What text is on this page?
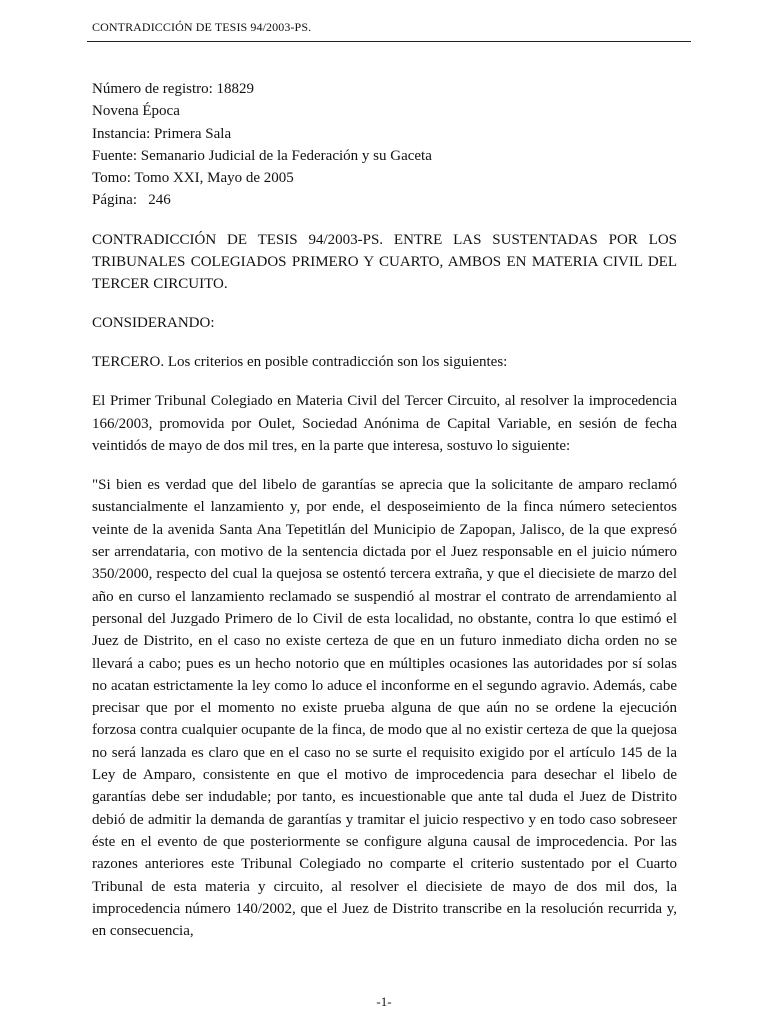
CONTRADICCIÓN DE TESIS 94/2003-PS.
Número de registro: 18829
Novena Época
Instancia: Primera Sala
Fuente: Semanario Judicial de la Federación y su Gaceta
Tomo: Tomo XXI, Mayo de 2005
Página:   246
CONTRADICCIÓN DE TESIS 94/2003-PS. ENTRE LAS SUSTENTADAS POR LOS TRIBUNALES COLEGIADOS PRIMERO Y CUARTO, AMBOS EN MATERIA CIVIL DEL TERCER CIRCUITO.

CONSIDERANDO:

TERCERO. Los criterios en posible contradicción son los siguientes:

El Primer Tribunal Colegiado en Materia Civil del Tercer Circuito, al resolver la improcedencia 166/2003, promovida por Oulet, Sociedad Anónima de Capital Variable, en sesión de fecha veintidós de mayo de dos mil tres, en la parte que interesa, sostuvo lo siguiente:

"Si bien es verdad que del libelo de garantías se aprecia que la solicitante de amparo reclamó sustancialmente el lanzamiento y, por ende, el desposeimiento de la finca número setecientos veinte de la avenida Santa Ana Tepetitlán del Municipio de Zapopan, Jalisco, de la que expresó ser arrendataria, con motivo de la sentencia dictada por el Juez responsable en el juicio número 350/2000, respecto del cual la quejosa se ostentó tercera extraña, y que el diecisiete de marzo del año en curso el lanzamiento reclamado se suspendió al mostrar el contrato de arrendamiento al personal del Juzgado Primero de lo Civil de esta localidad, no obstante, contra lo que estimó el Juez de Distrito, en el caso no existe certeza de que en un futuro inmediato dicha orden no se llevará a cabo; pues es un hecho notorio que en múltiples ocasiones las autoridades por sí solas no acatan estrictamente la ley como lo aduce el inconforme en el segundo agravio. Además, cabe precisar que por el momento no existe prueba alguna de que aún no se ordene la ejecución forzosa contra cualquier ocupante de la finca, de modo que al no existir certeza de que la quejosa no será lanzada es claro que en el caso no se surte el requisito exigido por el artículo 145 de la Ley de Amparo, consistente en que el motivo de improcedencia para desechar el libelo de garantías debe ser indudable; por tanto, es incuestionable que ante tal duda el Juez de Distrito debió de admitir la demanda de garantías y tramitar el juicio respectivo y en todo caso sobreseer éste en el evento de que posteriormente se configure alguna causal de improcedencia. Por las razones anteriores este Tribunal Colegiado no comparte el criterio sustentado por el Cuarto Tribunal de esta materia y circuito, al resolver el diecisiete de mayo de dos mil dos, la improcedencia número 140/2002, que el Juez de Distrito transcribe en la resolución recurrida y, en consecuencia,

-1-
